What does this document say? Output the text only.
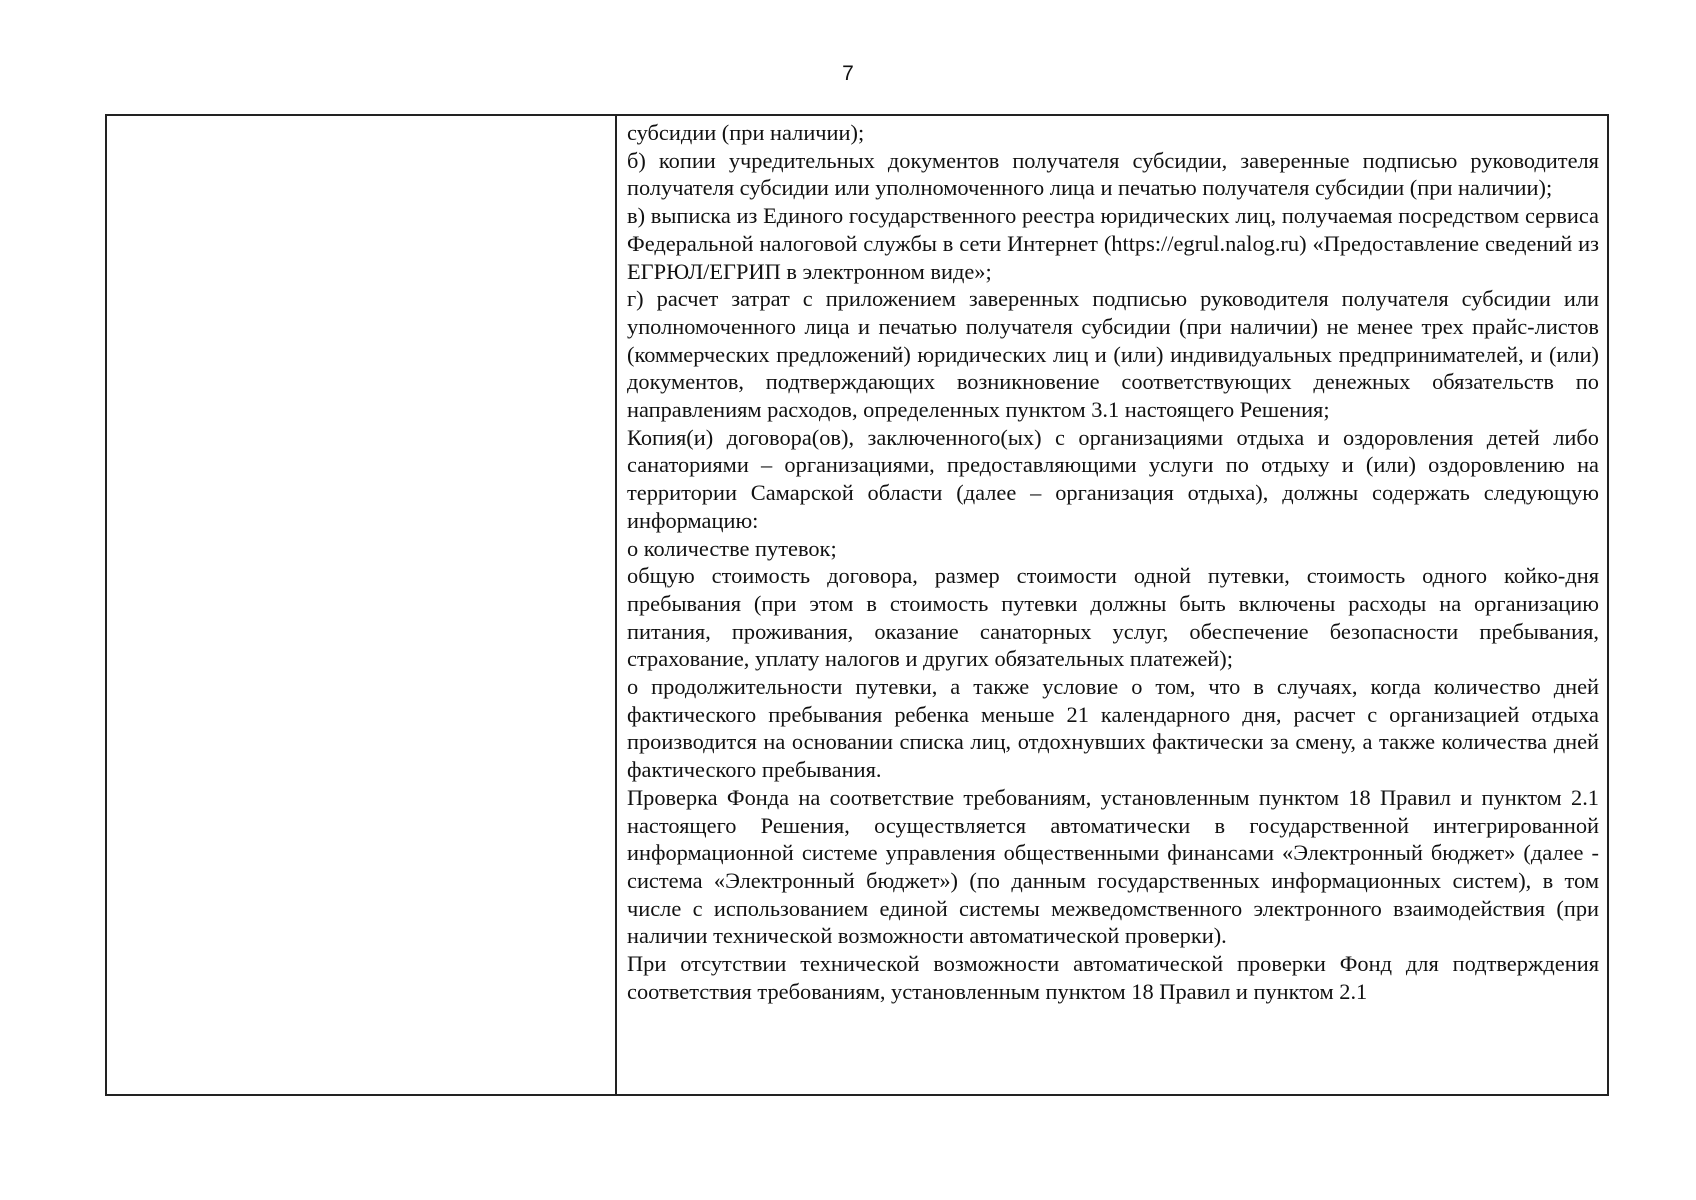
7

субсидии (при наличии);

б) копии учредительных документов получателя субсидии, заверенные подписью руководителя получателя субсидии или уполномоченного лица и печатью получателя субсидии (при наличии);

в) выписка из Единого государственного реестра юридических лиц, получаемая посредством сервиса Федеральной налоговой службы в сети Интернет (https://egrul.nalog.ru) «Предоставление сведений из ЕГРЮЛ/ЕГРИП в электронном виде»;

г) расчет затрат с приложением заверенных подписью руководителя получателя субсидии или уполномоченного лица и печатью получателя субсидии (при наличии) не менее трех прайс-листов (коммерческих предложений) юридических лиц и (или) индивидуальных предпринимателей, и (или) документов, подтверждающих возникновение соответствующих денежных обязательств по направлениям расходов, определенных пунктом 3.1 настоящего Решения;

Копия(и) договора(ов), заключенного(ых) с организациями отдыха и оздоровления детей либо санаториями – организациями, предоставляющими услуги по отдыху и (или) оздоровлению на территории Самарской области (далее – организация отдыха), должны содержать следующую информацию:

о количестве путевок;

общую стоимость договора, размер стоимости одной путевки, стоимость одного койко-дня пребывания (при этом в стоимость путевки должны быть включены расходы на организацию питания, проживания, оказание санаторных услуг, обеспечение безопасности пребывания, страхование, уплату налогов и других обязательных платежей);

о продолжительности путевки, а также условие о том, что в случаях, когда количество дней фактического пребывания ребенка меньше 21 календарного дня, расчет с организацией отдыха производится на основании списка лиц, отдохнувших фактически за смену, а также количества дней фактического пребывания.

Проверка Фонда на соответствие требованиям, установленным пунктом 18 Правил и пунктом 2.1 настоящего Решения, осуществляется автоматически в государственной интегрированной информационной системе управления общественными финансами «Электронный бюджет» (далее - система «Электронный бюджет») (по данным государственных информационных систем), в том числе с использованием единой системы межведомственного электронного взаимодействия (при наличии технической возможности автоматической проверки).

При отсутствии технической возможности автоматической проверки Фонд для подтверждения соответствия требованиям, установленным пунктом 18 Правил и пунктом 2.1
